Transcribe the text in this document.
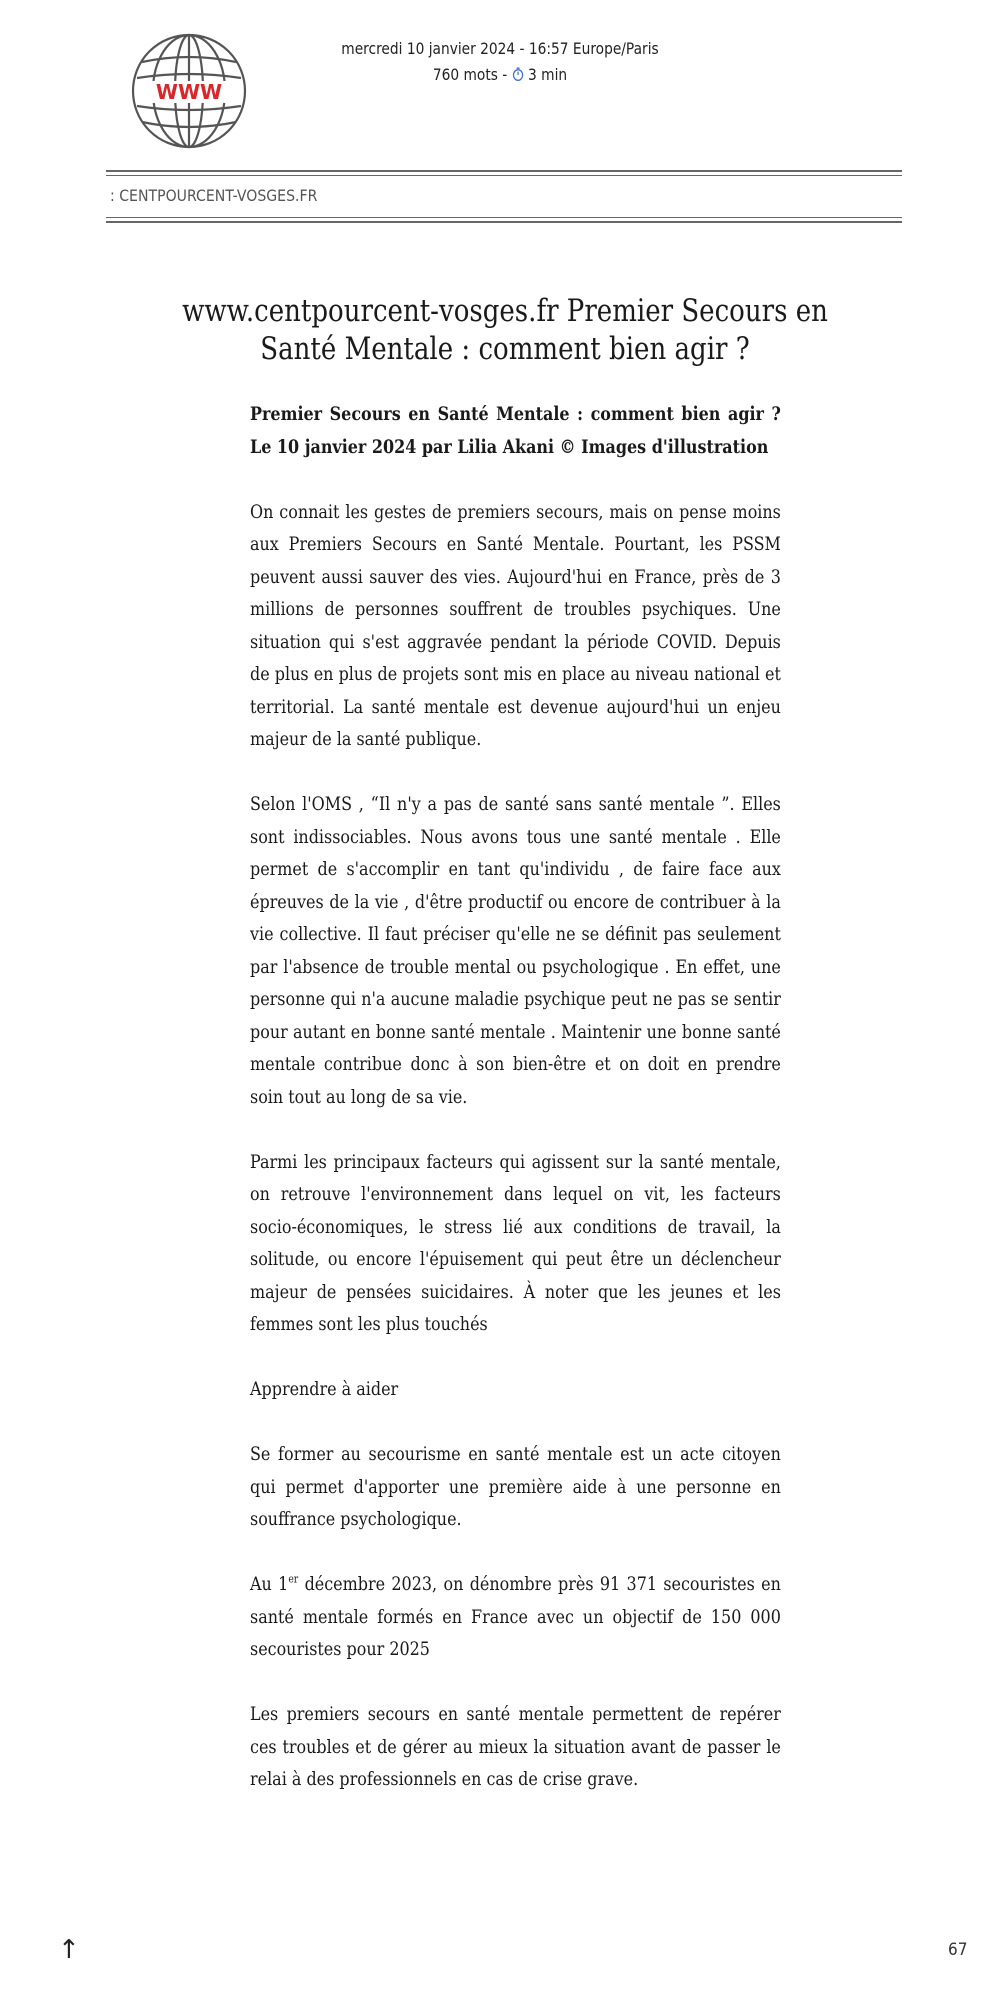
WWW
mercredi 10 janvier 2024 - 16:57 Europe/Paris
760 mots -  3 min
: CENTPOURCENT-VOSGES.FR
www.centpourcent-vosges.fr Premier Secours en Santé Mentale : comment bien agir ?

Premier Secours en Santé Mentale : comment bien agir ? Le 10 janvier 2024 par Lilia Akani © Images d'illustration

On connait les gestes de premiers secours, mais on pense moins aux Premiers Secours en Santé Mentale. Pourtant, les PSSM peuvent aussi sauver des vies. Aujourd'hui en France, près de 3 millions de personnes souffrent de troubles psychiques. Une situation qui s'est aggravée pendant la période COVID. Depuis de plus en plus de projets sont mis en place au niveau national et territorial. La santé mentale est devenue aujourd'hui un enjeu majeur de la santé publique.

Selon l'OMS , “Il n'y a pas de santé sans santé mentale ”. Elles sont indissociables. Nous avons tous une santé mentale . Elle permet de s'accomplir en tant qu'individu , de faire face aux épreuves de la vie , d'être productif ou encore de contribuer à la vie collective. Il faut préciser qu'elle ne se définit pas seulement par l'absence de trouble mental ou psychologique . En effet, une personne qui n'a aucune maladie psychique peut ne pas se sentir pour autant en bonne santé mentale . Maintenir une bonne santé mentale contribue donc à son bien-être et on doit en prendre soin tout au long de sa vie.

Parmi les principaux facteurs qui agissent sur la santé mentale, on retrouve l'environnement dans lequel on vit, les facteurs socio-économiques, le stress lié aux conditions de travail, la solitude, ou encore l'épuisement qui peut être un déclencheur majeur de pensées suicidaires. À noter que les jeunes et les femmes sont les plus touchés

Apprendre à aider

Se former au secourisme en santé mentale est un acte citoyen qui permet d'apporter une première aide à une personne en souffrance psychologique.

Au 1er décembre 2023, on dénombre près 91 371 secouristes en santé mentale formés en France avec un objectif de 150 000 secouristes pour 2025

Les premiers secours en santé mentale permettent de repérer ces troubles et de gérer au mieux la situation avant de passer le relai à des professionnels en cas de crise grave.

↑	67
